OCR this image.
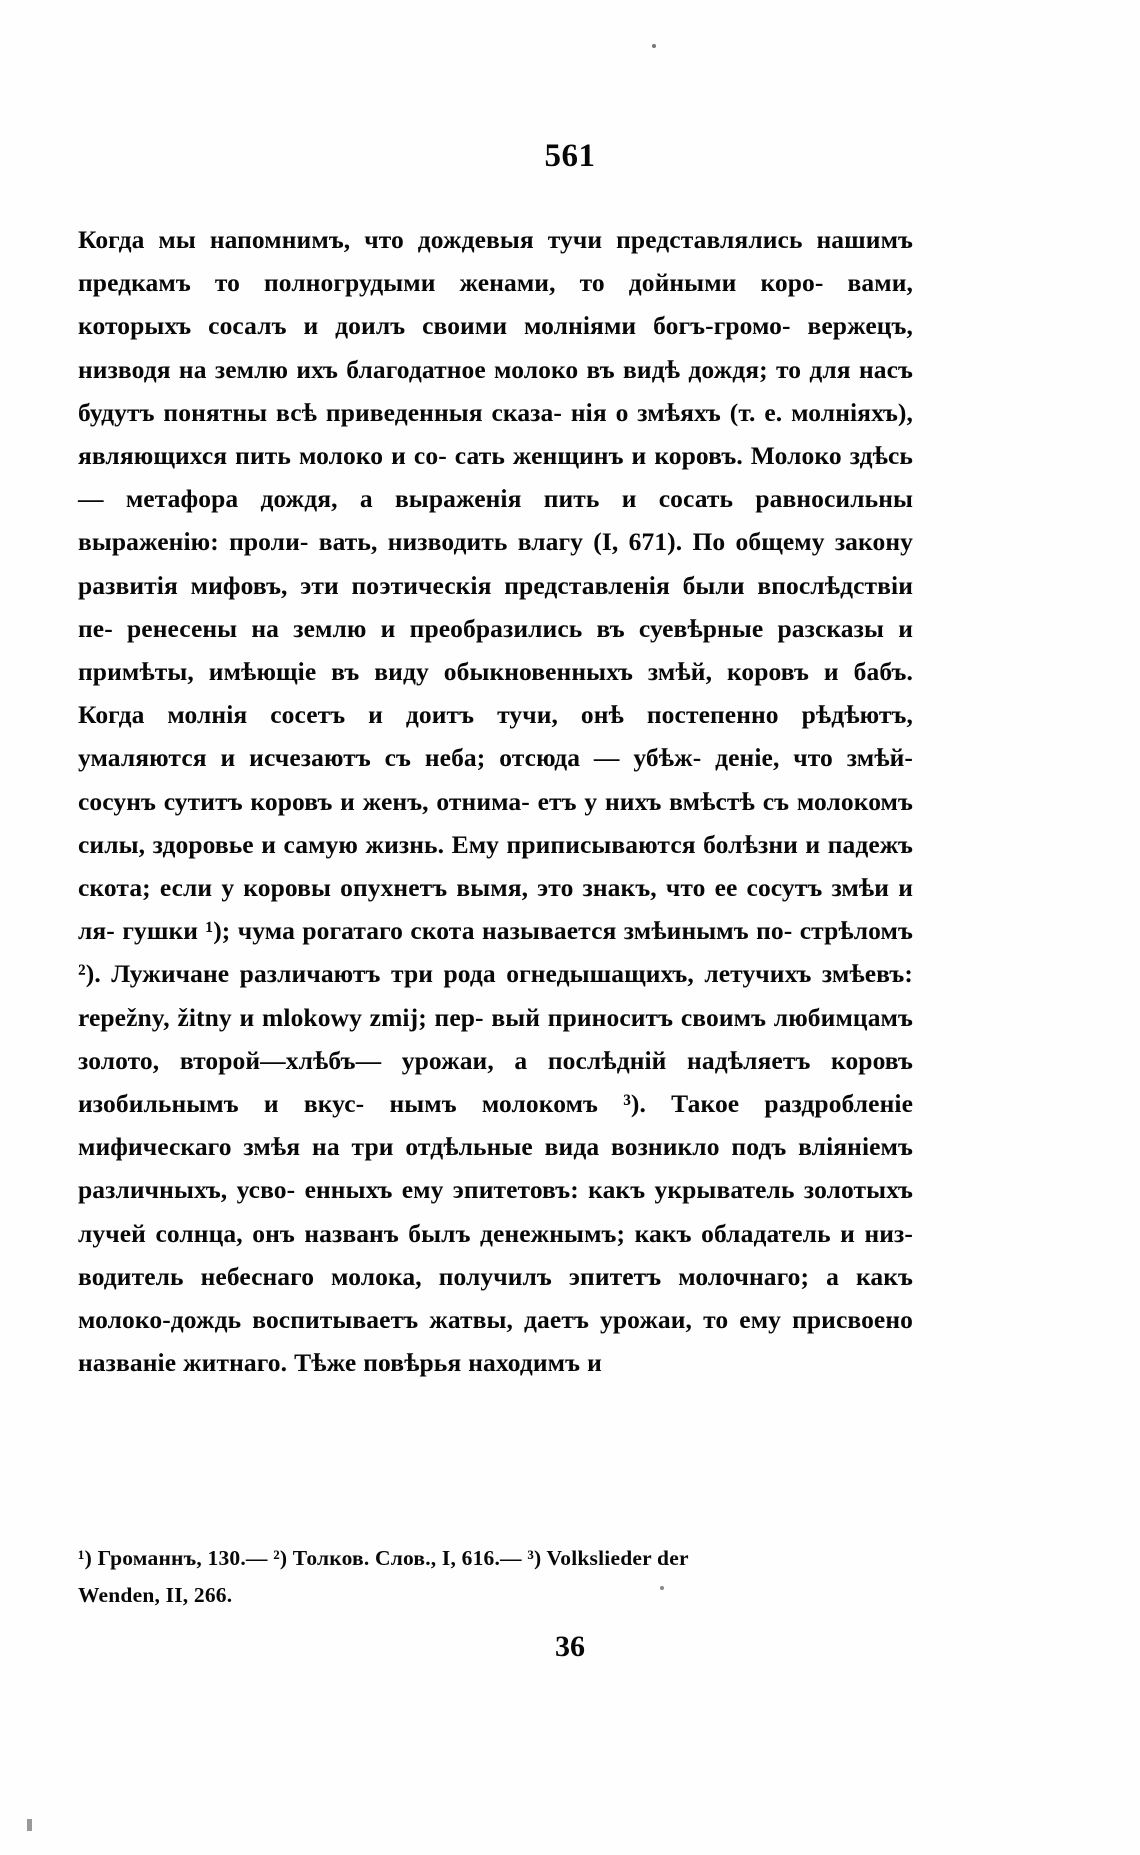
561

Когда мы напомнимъ, что дождевыя тучи представлялись нашимъ предкамъ то полногрудыми женами, то дойными коро- вами, которыхъ сосалъ и доилъ своими молніями богъ-громо- вержецъ, низводя на землю ихъ благодатное молоко въ видѣ дождя; то для насъ будутъ понятны всѣ приведенныя сказа- нія о змѣяхъ (т. е. молніяхъ), являющихся пить молоко и со- сать женщинъ и коровъ. Молоко здѣсь — метафора дождя, а выраженія пить и сосать равносильны выраженію: проли- вать, низводить влагу (I, 671). По общему закону развитія мифовъ, эти поэтическія представленія были впослѣдствіи пе- ренесены на землю и преобразились въ суевѣрные разсказы и примѣты, имѣющіе въ виду обыкновенныхъ змѣй, коровъ и бабъ. Когда молнія сосетъ и доитъ тучи, онѣ постепенно рѣдѣютъ, умаляются и исчезаютъ съ неба; отсюда — убѣж- деніе, что змѣй-сосунъ сутитъ коровъ и женъ, отнима- етъ у нихъ вмѣстѣ съ молокомъ силы, здоровье и самую жизнь. Ему приписываются болѣзни и падежъ скота; если у коровы опухнетъ вымя, это знакъ, что ее сосутъ змѣи и ля- гушки ¹); чума рогатаго скота называется змѣинымъ по- стрѣломъ ²). Лужичане различаютъ три рода огнедышащихъ, летучихъ змѣевъ: repežny, žitny и mlokowy zmij; пер- вый приноситъ своимъ любимцамъ золото, второй—хлѣбъ— урожаи, а послѣдній надѣляетъ коровъ изобильнымъ и вкус- нымъ молокомъ ³). Такое раздробленіе мифическаго змѣя на три отдѣльные вида возникло подъ вліяніемъ различныхъ, усво- енныхъ ему эпитетовъ: какъ укрыватель золотыхъ лучей солнца, онъ названъ былъ денежнымъ; какъ обладатель и низ- водитель небеснаго молока, получилъ эпитетъ молочнаго; а какъ молоко-дождь воспитываетъ жатвы, даетъ урожаи, то ему присвоено названіе житнаго. Тѣже повѣрья находимъ и

¹) Громаннъ, 130.— ²) Толков. Слов., I, 616.— ³) Volkslieder der

Wenden, II, 266.

36
